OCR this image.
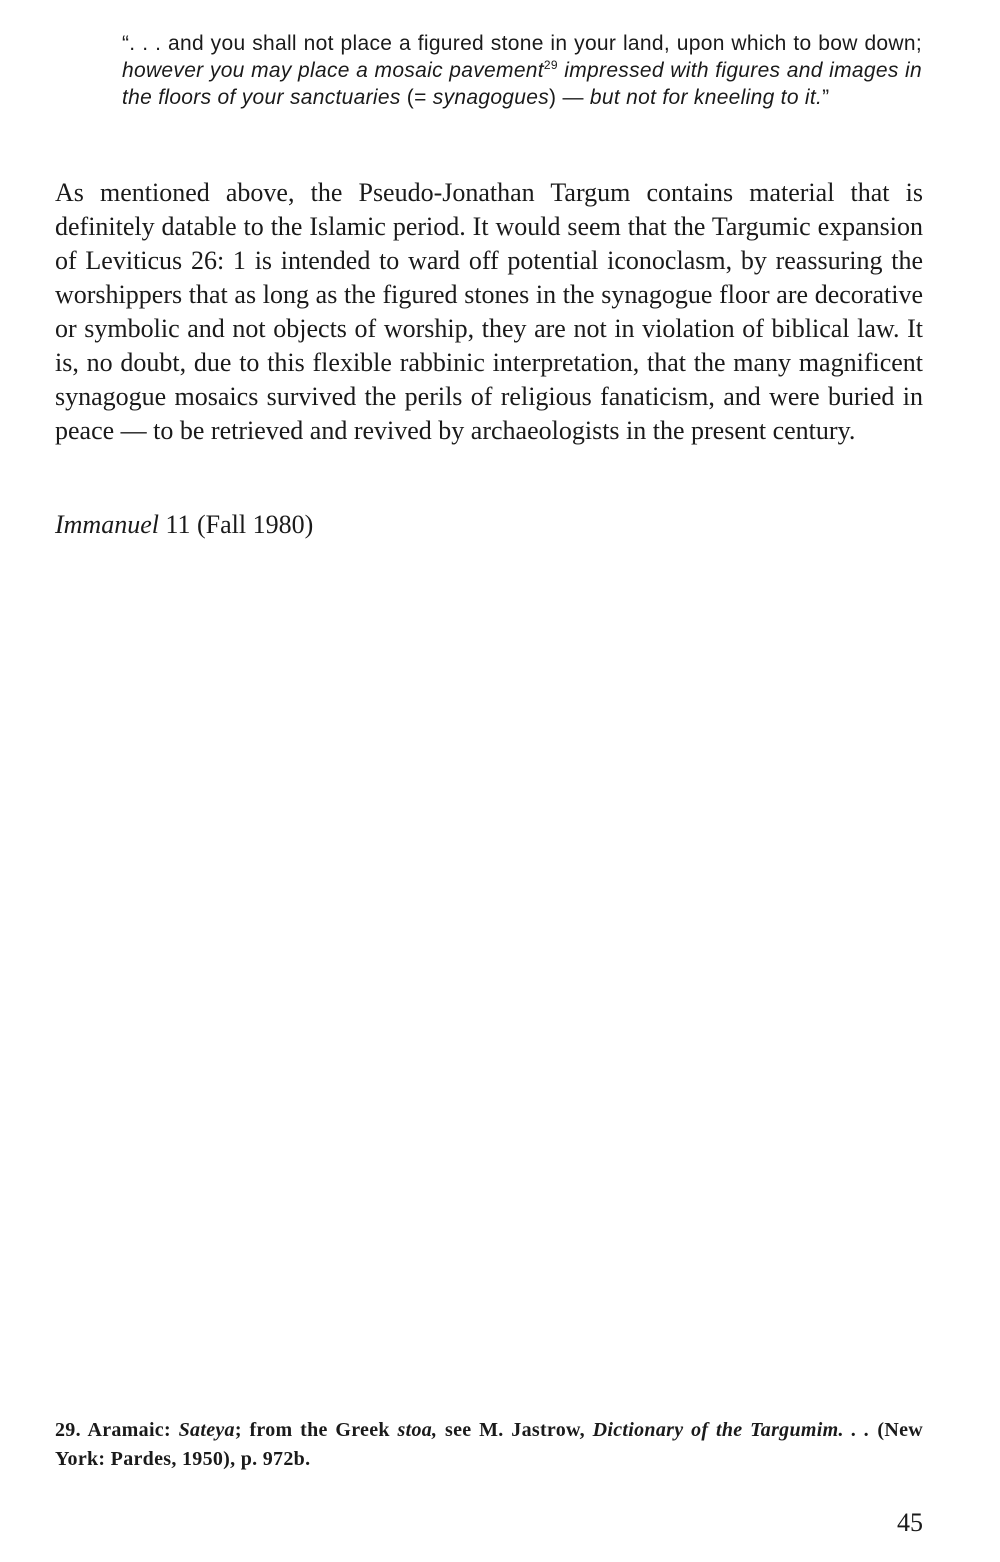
“. . . and you shall not place a figured stone in your land, upon which to bow down; however you may place a mosaic pavement$^{29}$ impressed with figures and images in the floors of your sanctuaries (= synagogues) — but not for kneeling to it.”

As mentioned above, the Pseudo-Jonathan Targum contains material that is definitely datable to the Islamic period. It would seem that the Targumic expansion of Leviticus 26: 1 is intended to ward off potential iconoclasm, by reassuring the worshippers that as long as the figured stones in the synagogue floor are decorative or symbolic and not objects of worship, they are not in violation of biblical law. It is, no doubt, due to this flexible rabbinic interpretation, that the many magnificent synagogue mosaics survived the perils of religious fanaticism, and were buried in peace — to be retrieved and revived by archaeologists in the present century.

Immanuel 11 (Fall 1980)
29. Aramaic: Sateya; from the Greek stoa, see M. Jastrow, Dictionary of the Targumim. . . (New York: Pardes, 1950), p. 972b.
45
